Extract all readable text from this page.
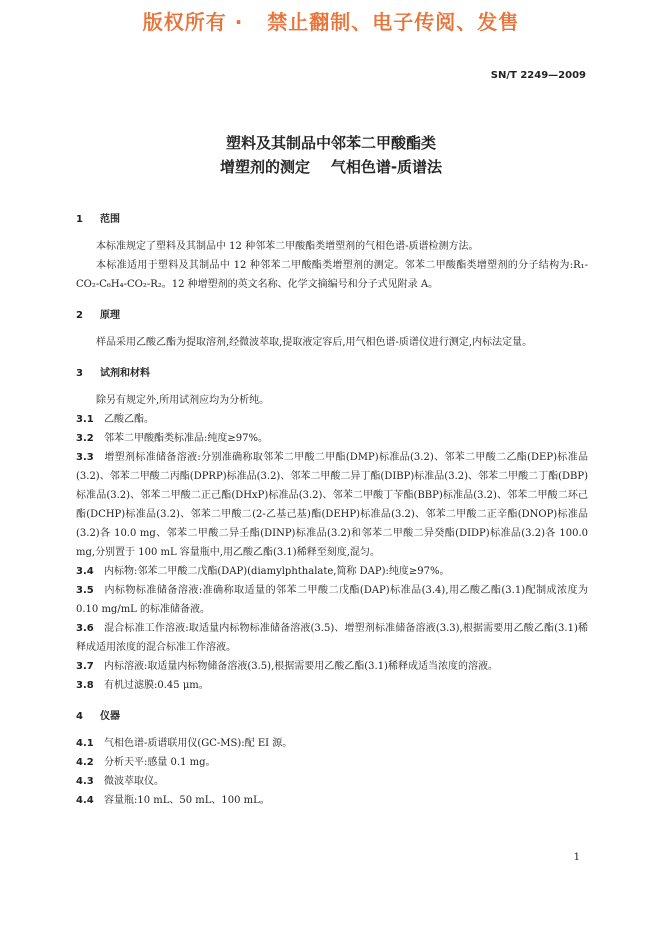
版权所有 ·   禁止翻制、电子传阅、发售
SN/T 2249—2009
塑料及其制品中邻苯二甲酸酯类
增塑剂的测定    气相色谱-质谱法
1 范围

本标准规定了塑料及其制品中 12 种邻苯二甲酸酯类增塑剂的气相色谱-质谱检测方法。

本标准适用于塑料及其制品中 12 种邻苯二甲酸酯类增塑剂的测定。邻苯二甲酸酯类增塑剂的分子结构为:R₁-CO₂-C₆H₄-CO₂-R₂。12 种增塑剂的英文名称、化学文摘编号和分子式见附录 A。

2 原理

样品采用乙酸乙酯为提取溶剂,经微波萃取,提取液定容后,用气相色谱-质谱仪进行测定,内标法定量。

3 试剂和材料

除另有规定外,所用试剂应均为分析纯。

3.1 乙酸乙酯。

3.2 邻苯二甲酸酯类标准品:纯度≥97%。

3.3 增塑剂标准储备溶液:分别准确称取邻苯二甲酸二甲酯(DMP)标准品(3.2)、邻苯二甲酸二乙酯(DEP)标准品(3.2)、邻苯二甲酸二丙酯(DPRP)标准品(3.2)、邻苯二甲酸二异丁酯(DIBP)标准品(3.2)、邻苯二甲酸二丁酯(DBP)标准品(3.2)、邻苯二甲酸二正己酯(DHxP)标准品(3.2)、邻苯二甲酸丁苄酯(BBP)标准品(3.2)、邻苯二甲酸二环己酯(DCHP)标准品(3.2)、邻苯二甲酸二(2-乙基己基)酯(DEHP)标准品(3.2)、邻苯二甲酸二正辛酯(DNOP)标准品(3.2)各 10.0 mg、邻苯二甲酸二异壬酯(DINP)标准品(3.2)和邻苯二甲酸二异癸酯(DIDP)标准品(3.2)各 100.0 mg,分别置于 100 mL 容量瓶中,用乙酸乙酯(3.1)稀释至刻度,混匀。

3.4 内标物:邻苯二甲酸二戊酯(DAP)(diamylphthalate,简称 DAP):纯度≥97%。

3.5 内标物标准储备溶液:准确称取适量的邻苯二甲酸二戊酯(DAP)标准品(3.4),用乙酸乙酯(3.1)配制成浓度为 0.10 mg/mL 的标准储备液。

3.6 混合标准工作溶液:取适量内标物标准储备溶液(3.5)、增塑剂标准储备溶液(3.3),根据需要用乙酸乙酯(3.1)稀释成适用浓度的混合标准工作溶液。

3.7 内标溶液:取适量内标物储备溶液(3.5),根据需要用乙酸乙酯(3.1)稀释成适当浓度的溶液。

3.8 有机过滤膜:0.45 μm。

4 仪器

4.1 气相色谱-质谱联用仪(GC-MS):配 EI 源。

4.2 分析天平:感量 0.1 mg。

4.3 微波萃取仪。

4.4 容量瓶:10 mL、50 mL、100 mL。

1
